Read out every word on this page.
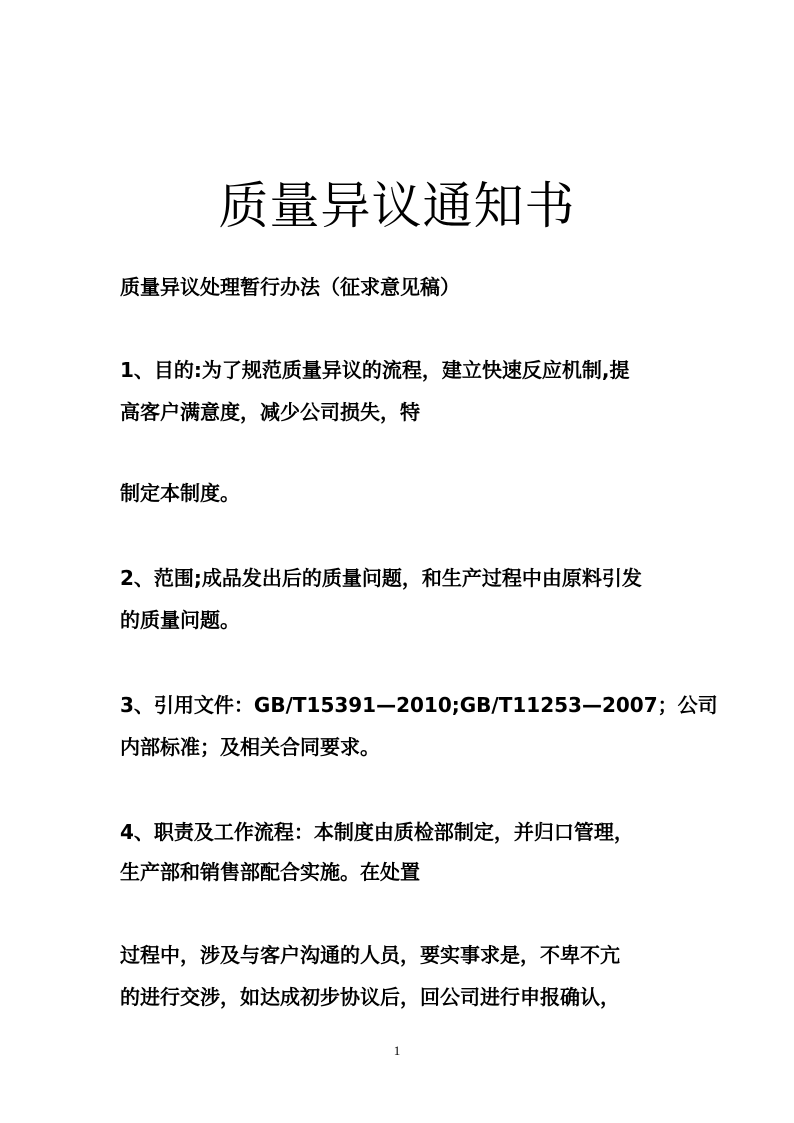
质量异议通知书
质量异议处理暂行办法（征求意见稿）
1、目的:为了规范质量异议的流程，建立快速反应机制,提
高客户满意度，减少公司损失，特
制定本制度。
2、范围;成品发出后的质量问题，和生产过程中由原料引发
的质量问题。
3、引用文件：GB/T15391—2010;GB/T11253—2007；公司
内部标准；及相关合同要求。
4、职责及工作流程：本制度由质检部制定，并归口管理，
生产部和销售部配合实施。在处置
过程中，涉及与客户沟通的人员，要实事求是，不卑不亢
的进行交涉，如达成初步协议后，回公司进行申报确认，
1
